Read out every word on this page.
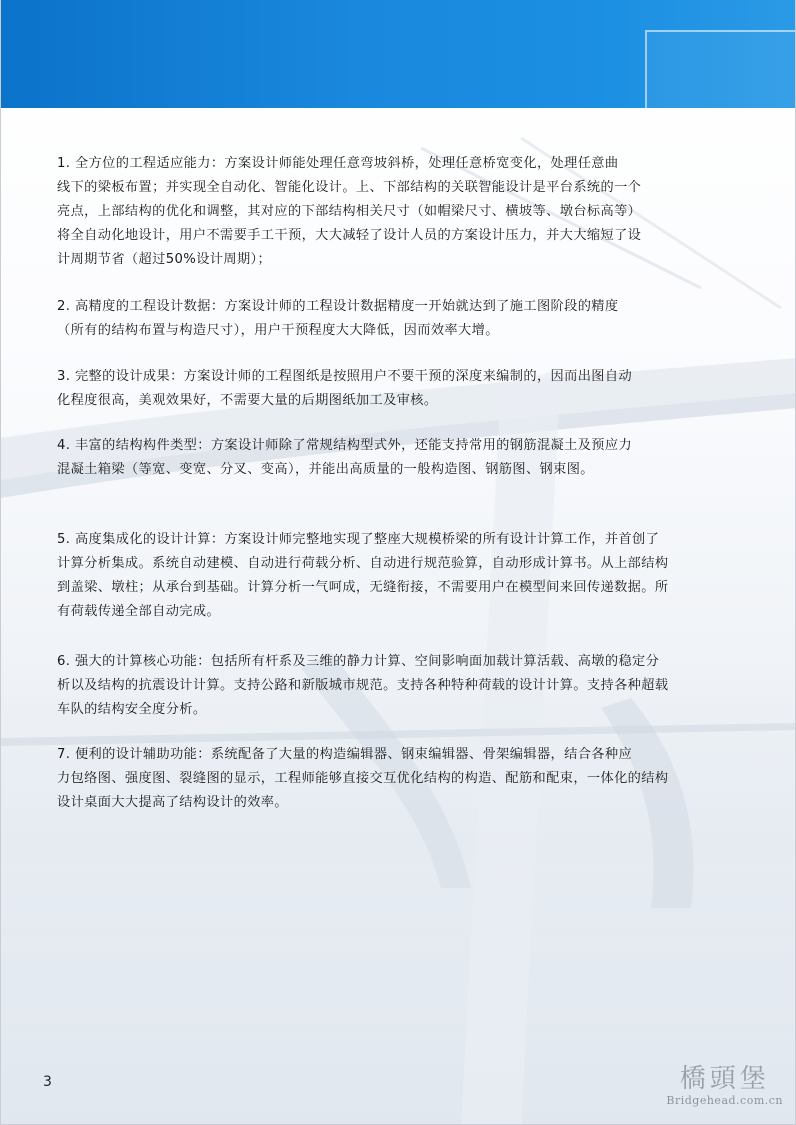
1. 全方位的工程适应能力：方案设计师能处理任意弯坡斜桥，处理任意桥宽变化，处理任意曲
线下的梁板布置；并实现全自动化、智能化设计。上、下部结构的关联智能设计是平台系统的一个
亮点，上部结构的优化和调整，其对应的下部结构相关尺寸（如帽梁尺寸、横坡等、墩台标高等）
将全自动化地设计，用户不需要手工干预，大大减轻了设计人员的方案设计压力，并大大缩短了设
计周期节省（超过50%设计周期）；

2. 高精度的工程设计数据：方案设计师的工程设计数据精度一开始就达到了施工图阶段的精度
（所有的结构布置与构造尺寸），用户干预程度大大降低，因而效率大增。

3. 完整的设计成果：方案设计师的工程图纸是按照用户不要干预的深度来编制的，因而出图自动
化程度很高，美观效果好，不需要大量的后期图纸加工及审核。

4. 丰富的结构构件类型：方案设计师除了常规结构型式外，还能支持常用的钢筋混凝土及预应力
混凝土箱梁（等宽、变宽、分叉、变高），并能出高质量的一般构造图、钢筋图、钢束图。

5. 高度集成化的设计计算：方案设计师完整地实现了整座大规模桥梁的所有设计计算工作，并首创了
计算分析集成。系统自动建模、自动进行荷载分析、自动进行规范验算，自动形成计算书。从上部结构
到盖梁、墩柱；从承台到基础。计算分析一气呵成，无缝衔接，不需要用户在模型间来回传递数据。所
有荷载传递全部自动完成。

6. 强大的计算核心功能：包括所有杆系及三维的静力计算、空间影响面加载计算活载、高墩的稳定分
析以及结构的抗震设计计算。支持公路和新版城市规范。支持各种特种荷载的设计计算。支持各种超载
车队的结构安全度分析。

7. 便利的设计辅助功能：系统配备了大量的构造编辑器、钢束编辑器、骨架编辑器，结合各种应
力包络图、强度图、裂缝图的显示，工程师能够直接交互优化结构的构造、配筋和配束，一体化的结构
设计桌面大大提高了结构设计的效率。

3	橋頭堡
Bridgehead.com.cn
